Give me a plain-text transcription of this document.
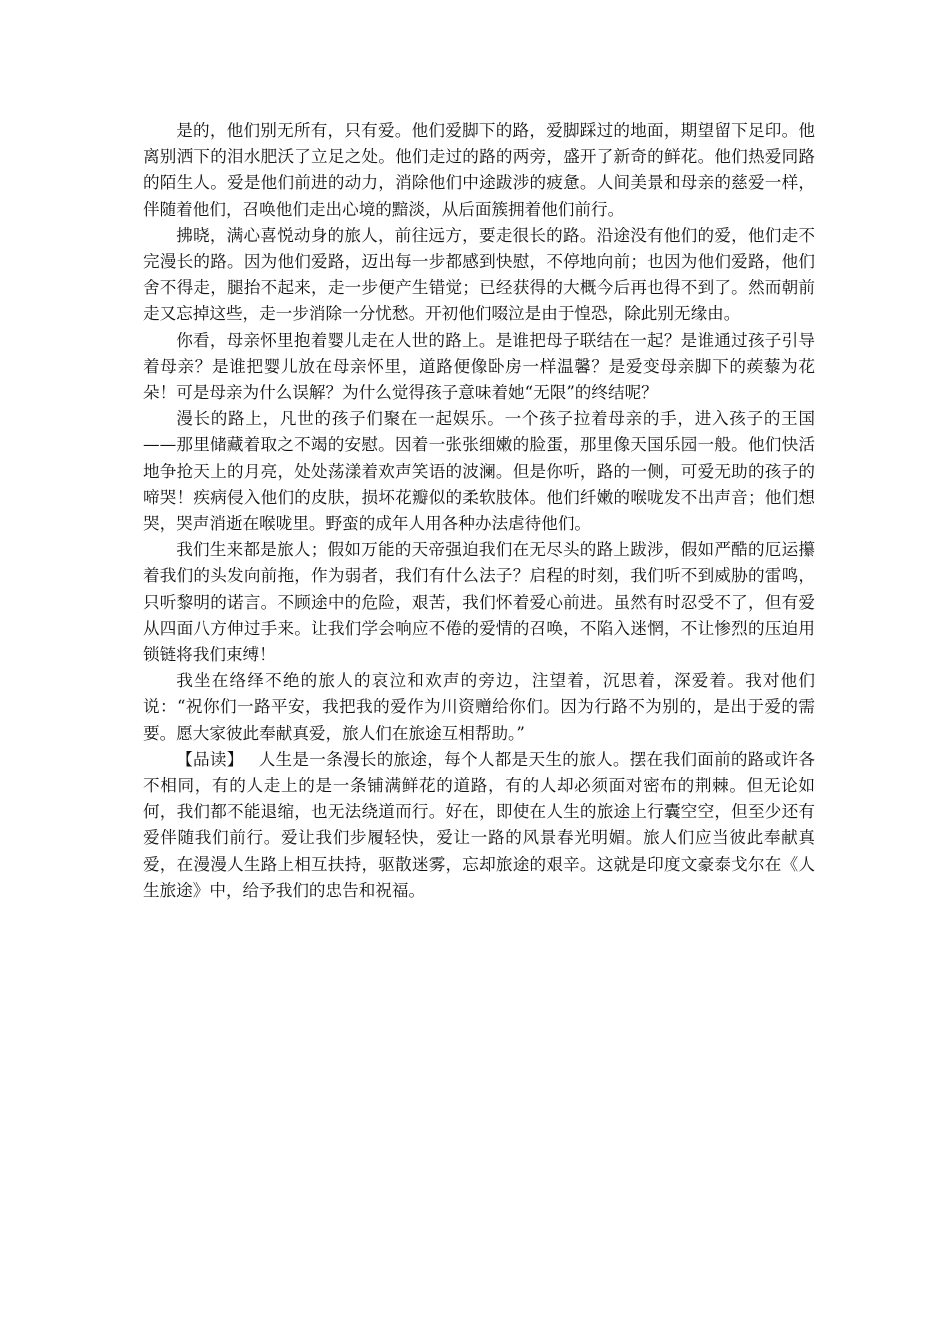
是的，他们别无所有，只有爱。他们爱脚下的路，爱脚踩过的地面，期望留下足印。他离别洒下的泪水肥沃了立足之处。他们走过的路的两旁，盛开了新奇的鲜花。他们热爱同路的陌生人。爱是他们前进的动力，消除他们中途跋涉的疲惫。人间美景和母亲的慈爱一样，伴随着他们，召唤他们走出心境的黯淡，从后面簇拥着他们前行。

拂晓，满心喜悦动身的旅人，前往远方，要走很长的路。沿途没有他们的爱，他们走不完漫长的路。因为他们爱路，迈出每一步都感到快慰，不停地向前；也因为他们爱路，他们舍不得走，腿抬不起来，走一步便产生错觉；已经获得的大概今后再也得不到了。然而朝前走又忘掉这些，走一步消除一分忧愁。开初他们啜泣是由于惶恐，除此别无缘由。

你看，母亲怀里抱着婴儿走在人世的路上。是谁把母子联结在一起？是谁通过孩子引导着母亲？是谁把婴儿放在母亲怀里，道路便像卧房一样温馨？是爱变母亲脚下的蒺藜为花朵！可是母亲为什么误解？为什么觉得孩子意味着她“无限”的终结呢？

漫长的路上，凡世的孩子们聚在一起娱乐。一个孩子拉着母亲的手，进入孩子的王国——那里储藏着取之不竭的安慰。因着一张张细嫩的脸蛋，那里像天国乐园一般。他们快活地争抢天上的月亮，处处荡漾着欢声笑语的波澜。但是你听，路的一侧，可爱无助的孩子的啼哭！疾病侵入他们的皮肤，损坏花瓣似的柔软肢体。他们纤嫩的喉咙发不出声音；他们想哭，哭声消逝在喉咙里。野蛮的成年人用各种办法虐待他们。

我们生来都是旅人；假如万能的天帝强迫我们在无尽头的路上跋涉，假如严酷的厄运攥着我们的头发向前拖，作为弱者，我们有什么法子？启程的时刻，我们听不到威胁的雷鸣，只听黎明的诺言。不顾途中的危险，艰苦，我们怀着爱心前进。虽然有时忍受不了，但有爱从四面八方伸过手来。让我们学会响应不倦的爱情的召唤，不陷入迷惘，不让惨烈的压迫用锁链将我们束缚！

我坐在络绎不绝的旅人的哀泣和欢声的旁边，注望着，沉思着，深爱着。我对他们说：“祝你们一路平安，我把我的爱作为川资赠给你们。因为行路不为别的，是出于爱的需要。愿大家彼此奉献真爱，旅人们在旅途互相帮助。”

【品读】 人生是一条漫长的旅途，每个人都是天生的旅人。摆在我们面前的路或许各不相同，有的人走上的是一条铺满鲜花的道路，有的人却必须面对密布的荆棘。但无论如何，我们都不能退缩，也无法绕道而行。好在，即使在人生的旅途上行囊空空，但至少还有爱伴随我们前行。爱让我们步履轻快，爱让一路的风景春光明媚。旅人们应当彼此奉献真爱，在漫漫人生路上相互扶持，驱散迷雾，忘却旅途的艰辛。这就是印度文豪泰戈尔在《人生旅途》中，给予我们的忠告和祝福。
